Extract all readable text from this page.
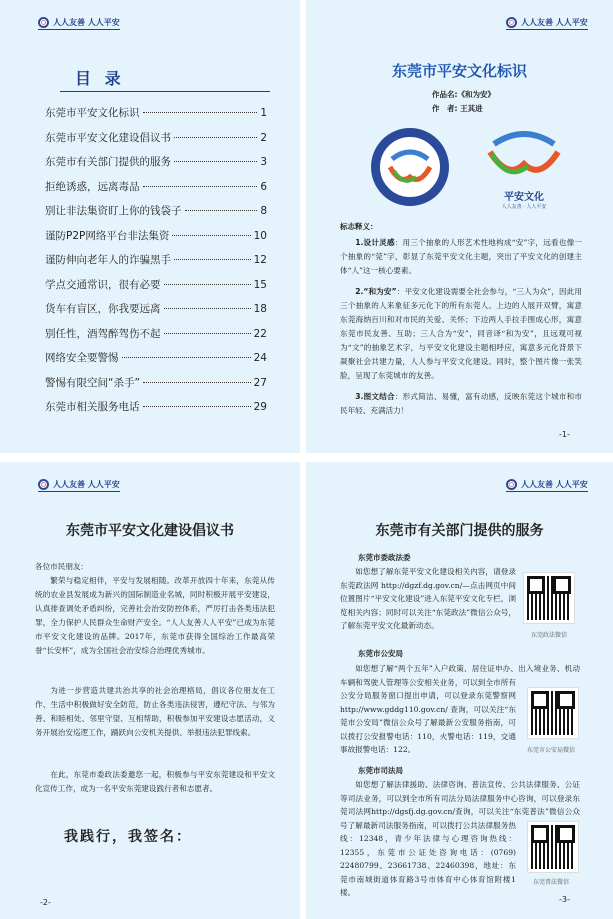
人人友善 人人平安
目 录
东莞市平安文化标识	1
东莞市平安文化建设倡议书	2
东莞市有关部门提供的服务	3
拒绝诱惑，远离毒品	6
别让非法集资盯上你的钱袋子	8
谨防P2P网络平台非法集资	10
谨防伸向老年人的诈骗黑手	12
学点交通常识，很有必要	15
货车有盲区，你我要远离	18
别任性，酒驾醉驾伤不起	22
网络安全要警惕	24
警惕有限空间“杀手”	27
东莞市相关服务电话	29
人人友善 人人平安
东莞市平安文化标识
作品名:《和为安》
作　者: 王其进
平安文化
人人友善 · 人人平安
标志释义：
1.设计灵感：用三个抽象的人形艺术性地构成“安”字，远看也像一个抽象的“莞”字，彰显了东莞平安文化主题，突出了平安文化的创建主体“人”这一核心要素。
2.“和为安”：平安文化建设需要全社会参与，“三人为众”，因此用三个抽象的人来象征多元化下的所有东莞人。上边的人展开双臂，寓意东莞海纳百川和对市民的关爱、关怀；下边两人手拉手围成心形，寓意东莞市民友善、互助；三人合为“安”，同音译“和为安”，且远观可视为“文”的抽象艺术字，与平安文化建设主题相呼应，寓意多元化背景下凝聚社会共建力量，人人参与平安文化建设。同时，整个图片像一张笑脸，呈现了东莞城市的友善。
3.图文结合：形式简洁、易懂，富有动感，反映东莞这个城市和市民年轻、充满活力！
-1-
人人友善 人人平安
东莞市平安文化建设倡议书
各位市民朋友：
繁荣与稳定相伴，平安与发展相随。改革开放四十年来，东莞从传统的农业县发展成为新兴的国际制造业名城，同时积极开展平安建设，认真排查调处矛盾纠纷，完善社会治安防控体系，严厉打击各类违法犯罪，全力保护人民群众生命财产安全。“人人友善人人平安”已成为东莞市平安文化建设的品牌。2017年，东莞市获得全国综治工作最高荣誉“长安杯”，成为全国社会治安综合治理优秀城市。
为进一步营造共建共治共享的社会治理格局，倡议各位朋友在工作、生活中积极做好安全防范，防止各类违法侵害，遵纪守法、与邻为善、和睦相处、邻里守望、互相帮助，积极参加平安建设志愿活动，义务开展治安巡逻工作，踊跃向公安机关提供、举报违法犯罪线索。
在此，东莞市委政法委邀您一起，积极参与平安东莞建设和平安文化宣传工作，成为一名平安东莞建设践行者和志愿者。
-2-
我践行，我签名：
人人友善 人人平安
东莞市有关部门提供的服务
东莞市委政法委
如您想了解东莞平安文化建设相关内容，请登录东莞政法网 http://dgzf.dg.gov.cn/—点击网页中间位置图片“平安文化建设”进入东莞平安文化专栏，浏览相关内容；同时可以关注“东莞政法”微信公众号，了解东莞平安文化最新动态。
东莞政法微信
东莞市公安局
如您想了解“两个五年”入户政策、居住证申办、出入境业务、机动车辆和驾驶人管理等公安相关业务，可以到全市所有公安分局服务窗口提出申请，可以登录东莞警察网 http://www.gddg110.gov.cn/ 查询，可以关注“东莞市公安局”微信公众号了解最新公安服务指南，可以拨打公安报警电话：110，火警电话：119，交通事故报警电话：122。	东莞市公安局微信
东莞市司法局
如您想了解法律援助、法律咨询、普法宣传、公共法律服务、公证等司法业务，可以到全市所有司法分局法律服务中心咨询，可以登录东莞司法网http://dgsfj.dg.gov.cn/查询，可以关注“东莞普法”微信公众号了解最新司法服务指南，可以拨打公共法律服务热线：12348，青少年法律与心理咨询热线：12355，东莞市公证处咨询电话：(0769) 22480799、23661738、22460398，地址：东莞市南城街道体育路3号市体育中心体育馆附楼1楼。
东莞普法微信
-3-
